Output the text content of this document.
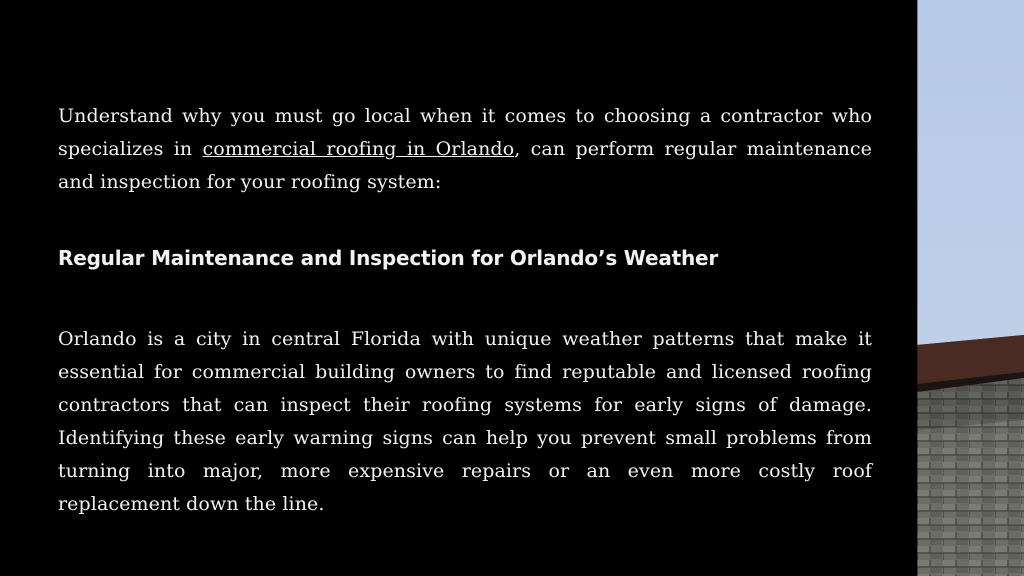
Understand why you must go local when it comes to choosing a contractor who specializes in commercial roofing in Orlando, can perform regular maintenance and inspection for your roofing system:

Regular Maintenance and Inspection for Orlando’s Weather

Orlando is a city in central Florida with unique weather patterns that make it essential for commercial building owners to find reputable and licensed roofing contractors that can inspect their roofing systems for early signs of damage. Identifying these early warning signs can help you prevent small problems from turning into major, more expensive repairs or an even more costly roof replacement down the line.
